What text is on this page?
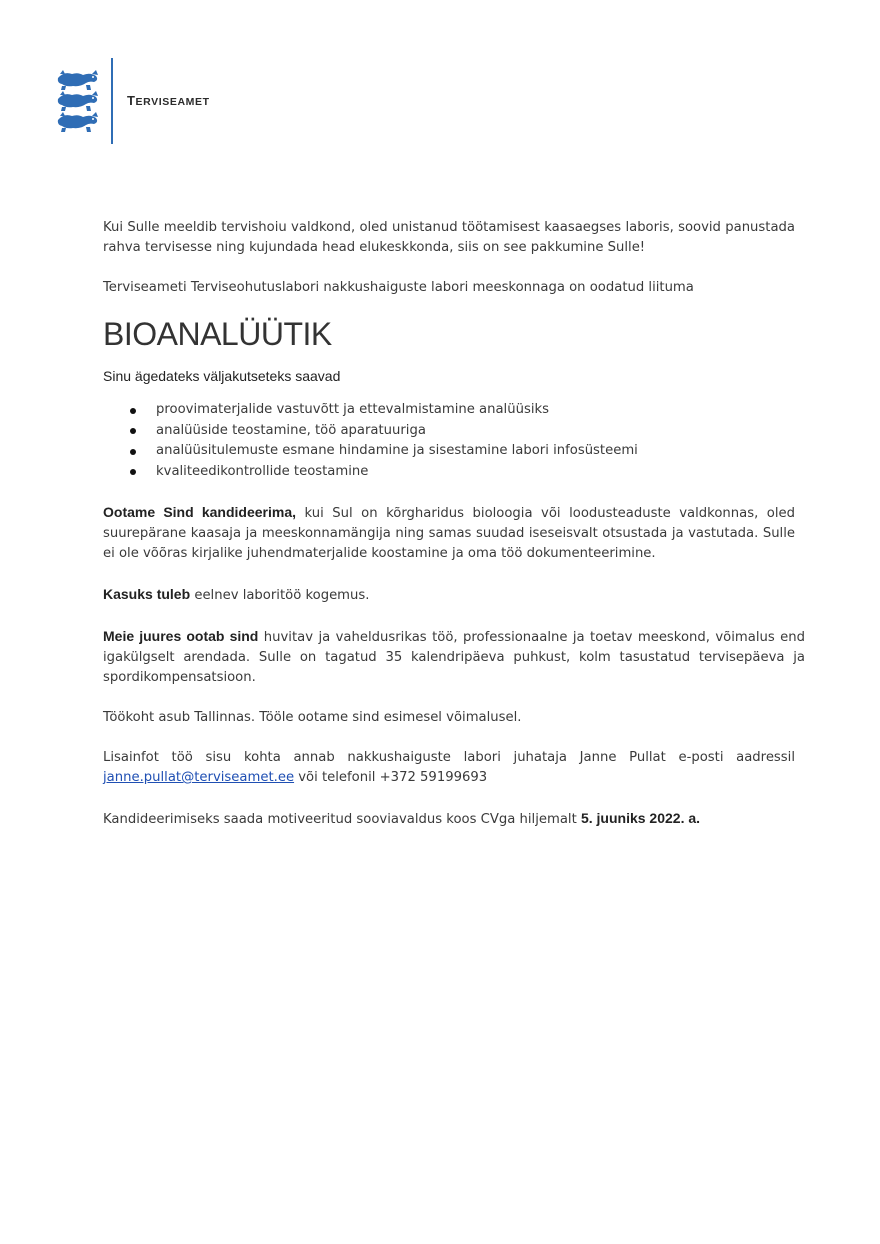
TERVISEAMET

Kui Sulle meeldib tervishoiu valdkond, oled unistanud töötamisest kaasaegses laboris, soovid panustada rahva tervisesse ning kujundada head elukeskkonda, siis on see pakkumine Sulle!

Terviseameti Terviseohutuslabori nakkushaiguste labori meeskonnaga on oodatud liituma

BIOANALÜÜTIK

Sinu ägedateks väljakutseteks saavad

proovimaterjalide vastuvõtt ja ettevalmistamine analüüsiks
analüüside teostamine, töö aparatuuriga
analüüsitulemuste esmane hindamine ja sisestamine labori infosüsteemi
kvaliteedikontrollide teostamine

Ootame Sind kandideerima, kui Sul on kõrgharidus bioloogia või loodusteaduste valdkonnas, oled suurepärane kaasaja ja meeskonnamängija ning samas suudad iseseisvalt otsustada ja vastutada. Sulle ei ole võõras kirjalike juhendmaterjalide koostamine ja oma töö dokumenteerimine.

Kasuks tuleb eelnev laboritöö kogemus.

Meie juures ootab sind huvitav ja vaheldusrikas töö, professionaalne ja toetav meeskond, võimalus end igakülgselt arendada. Sulle on tagatud 35 kalendripäeva puhkust, kolm tasustatud tervisepäeva ja spordikompensatsioon.

Töökoht asub Tallinnas. Tööle ootame sind esimesel võimalusel.

Lisainfot töö sisu kohta annab nakkushaiguste labori juhataja Janne Pullat e-posti aadressil janne.pullat@terviseamet.ee või telefonil +372 59199693

Kandideerimiseks saada motiveeritud sooviavaldus koos CVga hiljemalt 5. juuniks 2022. a.
